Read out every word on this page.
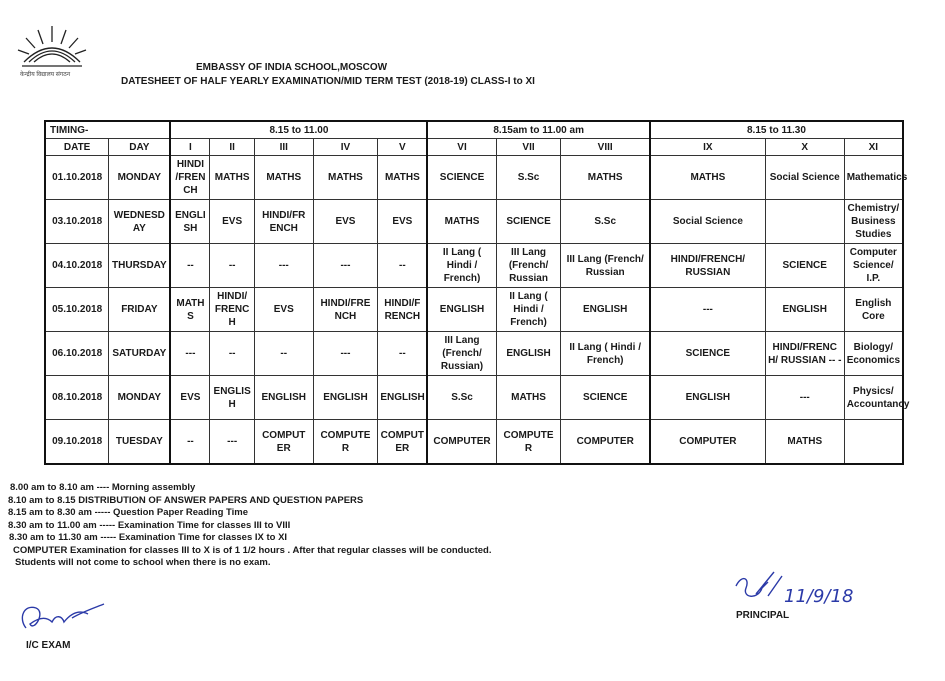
केन्द्रीय विद्यालय संगठन
EMBASSY OF INDIA SCHOOL,MOSCOW
DATESHEET OF HALF YEARLY EXAMINATION/MID TERM TEST (2018-19) CLASS-I to XI
TIMING-		8.15 to 11.00					8.15am to 11.00 am			8.15 to 11.30		
DATE	DAY	I	II	III	IV	V	VI	VII	VIII	IX	X	XI
01.10.2018	MONDAY	HINDI /FREN CH	MATHS	MATHS	MATHS	MATHS	SCIENCE	S.Sc	MATHS	MATHS	Social Science	Mathematics
03.10.2018	WEDNESD AY	ENGLI SH	EVS	HINDI/FR ENCH	EVS	EVS	MATHS	SCIENCE	S.Sc	Social Science		Chemistry/ Business Studies
04.10.2018	THURSDAY	--	--	---	---	--	II Lang ( Hindi / French)	III Lang (French/ Russian	III Lang (French/ Russian	HINDI/FRENCH/ RUSSIAN	SCIENCE	Computer Science/ I.P.
05.10.2018	FRIDAY	MATH S	HINDI/ FRENC H	EVS	HINDI/FRE NCH	HINDI/F RENCH	ENGLISH	II Lang ( Hindi / French)	ENGLISH	---	ENGLISH	English Core
06.10.2018	SATURDAY	---	--	--	---	--	III Lang (French/ Russian)	ENGLISH	II Lang ( Hindi / French)	SCIENCE	HINDI/FRENC H/ RUSSIAN -- -	Biology/ Economics
08.10.2018	MONDAY	EVS	ENGLIS H	ENGLISH	ENGLISH	ENGLISH	S.Sc	MATHS	SCIENCE	ENGLISH	---	Physics/ Accountancy
09.10.2018	TUESDAY	--	---	COMPUT ER	COMPUTE R	COMPUT ER	COMPUTER	COMPUTE R	COMPUTER	COMPUTER	MATHS	
8.00 am to 8.10 am ---- Morning assembly
8.10 am to 8.15 DISTRIBUTION OF ANSWER PAPERS AND QUESTION PAPERS
8.15 am to 8.30 am ----- Question Paper Reading Time
8.30 am to 11.00 am ----- Examination Time for classes III to VIII
8.30 am to 11.30 am ----- Examination Time for classes IX to XI
COMPUTER Examination for classes III to X is of 1 1/2 hours . After that regular classes will be conducted.
Students will not come to school when there is no exam.
I/C EXAM
11/9/18
PRINCIPAL
